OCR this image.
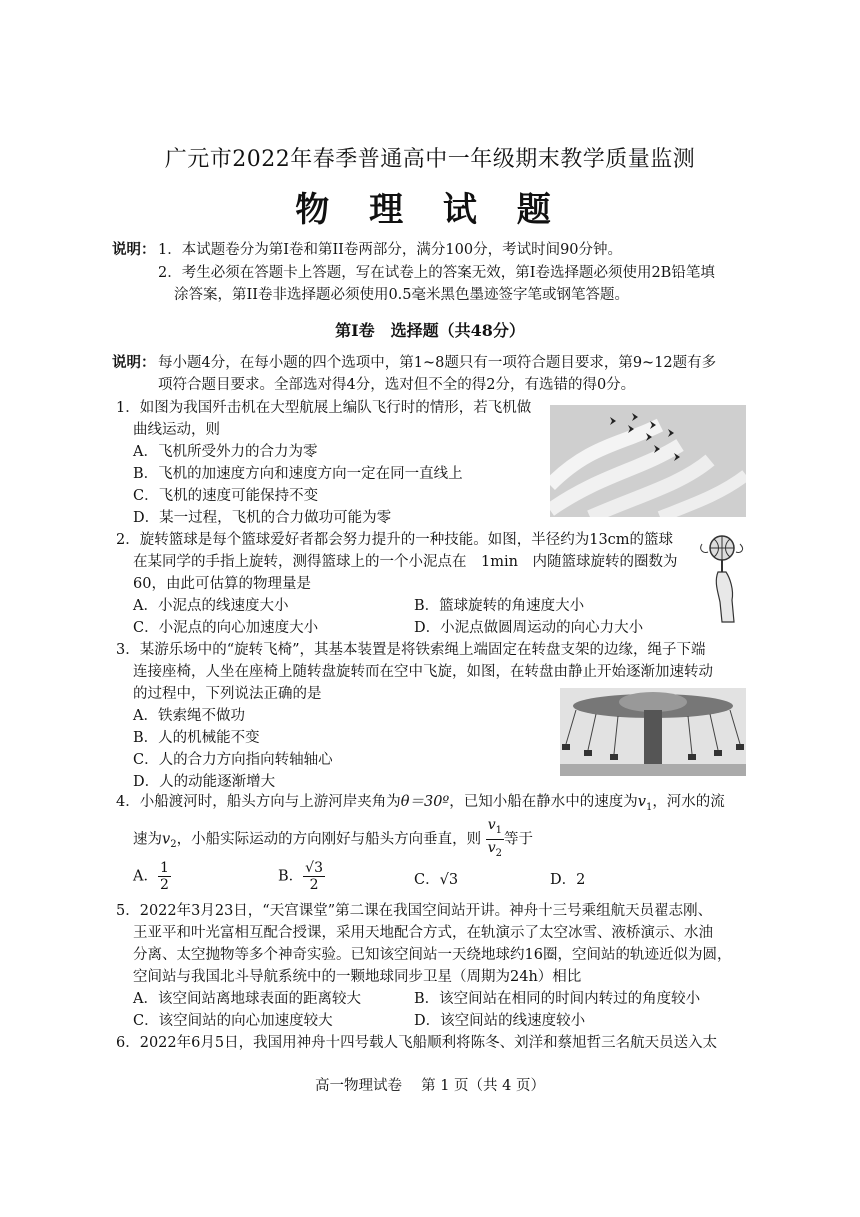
广元市2022年春季普通高中一年级期末教学质量监测
物 理 试 题
说明： 1．本试题卷分为第I卷和第II卷两部分，满分100分，考试时间90分钟。
2．考生必须在答题卡上答题，写在试卷上的答案无效，第I卷选择题必须使用2B铅笔填
涂答案，第II卷非选择题必须使用0.5毫米黑色墨迹签字笔或钢笔答题。
第I卷　选择题（共48分）
说明： 每小题4分，在每小题的四个选项中，第1~8题只有一项符合题目要求，第9~12题有多
项符合题目要求。全部选对得4分，选对但不全的得2分，有选错的得0分。
1．如图为我国歼击机在大型航展上编队飞行时的情形，若飞机做
曲线运动，则
A．飞机所受外力的合力为零
B．飞机的加速度方向和速度方向一定在同一直线上
C．飞机的速度可能保持不变
D．某一过程，飞机的合力做功可能为零
2．旋转篮球是每个篮球爱好者都会努力提升的一种技能。如图，半径约为13cm的篮球
在某同学的手指上旋转，测得篮球上的一个小泥点在　1min　内随篮球旋转的圈数为
60，由此可估算的物理量是
A．小泥点的线速度大小	B．篮球旋转的角速度大小
C．小泥点的向心加速度大小	D．小泥点做圆周运动的向心力大小
3．某游乐场中的“旋转飞椅”，其基本装置是将铁索绳上端固定在转盘支架的边缘，绳子下端
连接座椅，人坐在座椅上随转盘旋转而在空中飞旋，如图，在转盘由静止开始逐渐加速转动
的过程中，下列说法正确的是
A．铁索绳不做功
B．人的机械能不变
C．人的合力方向指向转轴轴心
D．人的动能逐渐增大
4．小船渡河时，船头方向与上游河岸夹角为θ＝30º，已知小船在静水中的速度为$v_1$，河水的流
速为$v_2$，小船实际运动的方向刚好与船头方向垂直，则 $\frac{v_1}{v_2}$ 等于
A． $\frac{1}{2}$	B． $\frac{√3}{2}$	C．√3	D．2
5．2022年3月23日，“天宫课堂”第二课在我国空间站开讲。神舟十三号乘组航天员翟志刚、
王亚平和叶光富相互配合授课，采用天地配合方式，在轨演示了太空冰雪、液桥演示、水油
分离、太空抛物等多个神奇实验。已知该空间站一天绕地球约16圈，空间站的轨迹近似为圆，
空间站与我国北斗导航系统中的一颗地球同步卫星（周期为24h）相比
A．该空间站离地球表面的距离较大	B．该空间站在相同的时间内转过的角度较小
C．该空间站的向心加速度较大	D．该空间站的线速度较小
6．2022年6月5日，我国用神舟十四号载人飞船顺利将陈冬、刘洋和蔡旭哲三名航天员送入太
高一物理试卷　 第 1 页（共 4 页）
